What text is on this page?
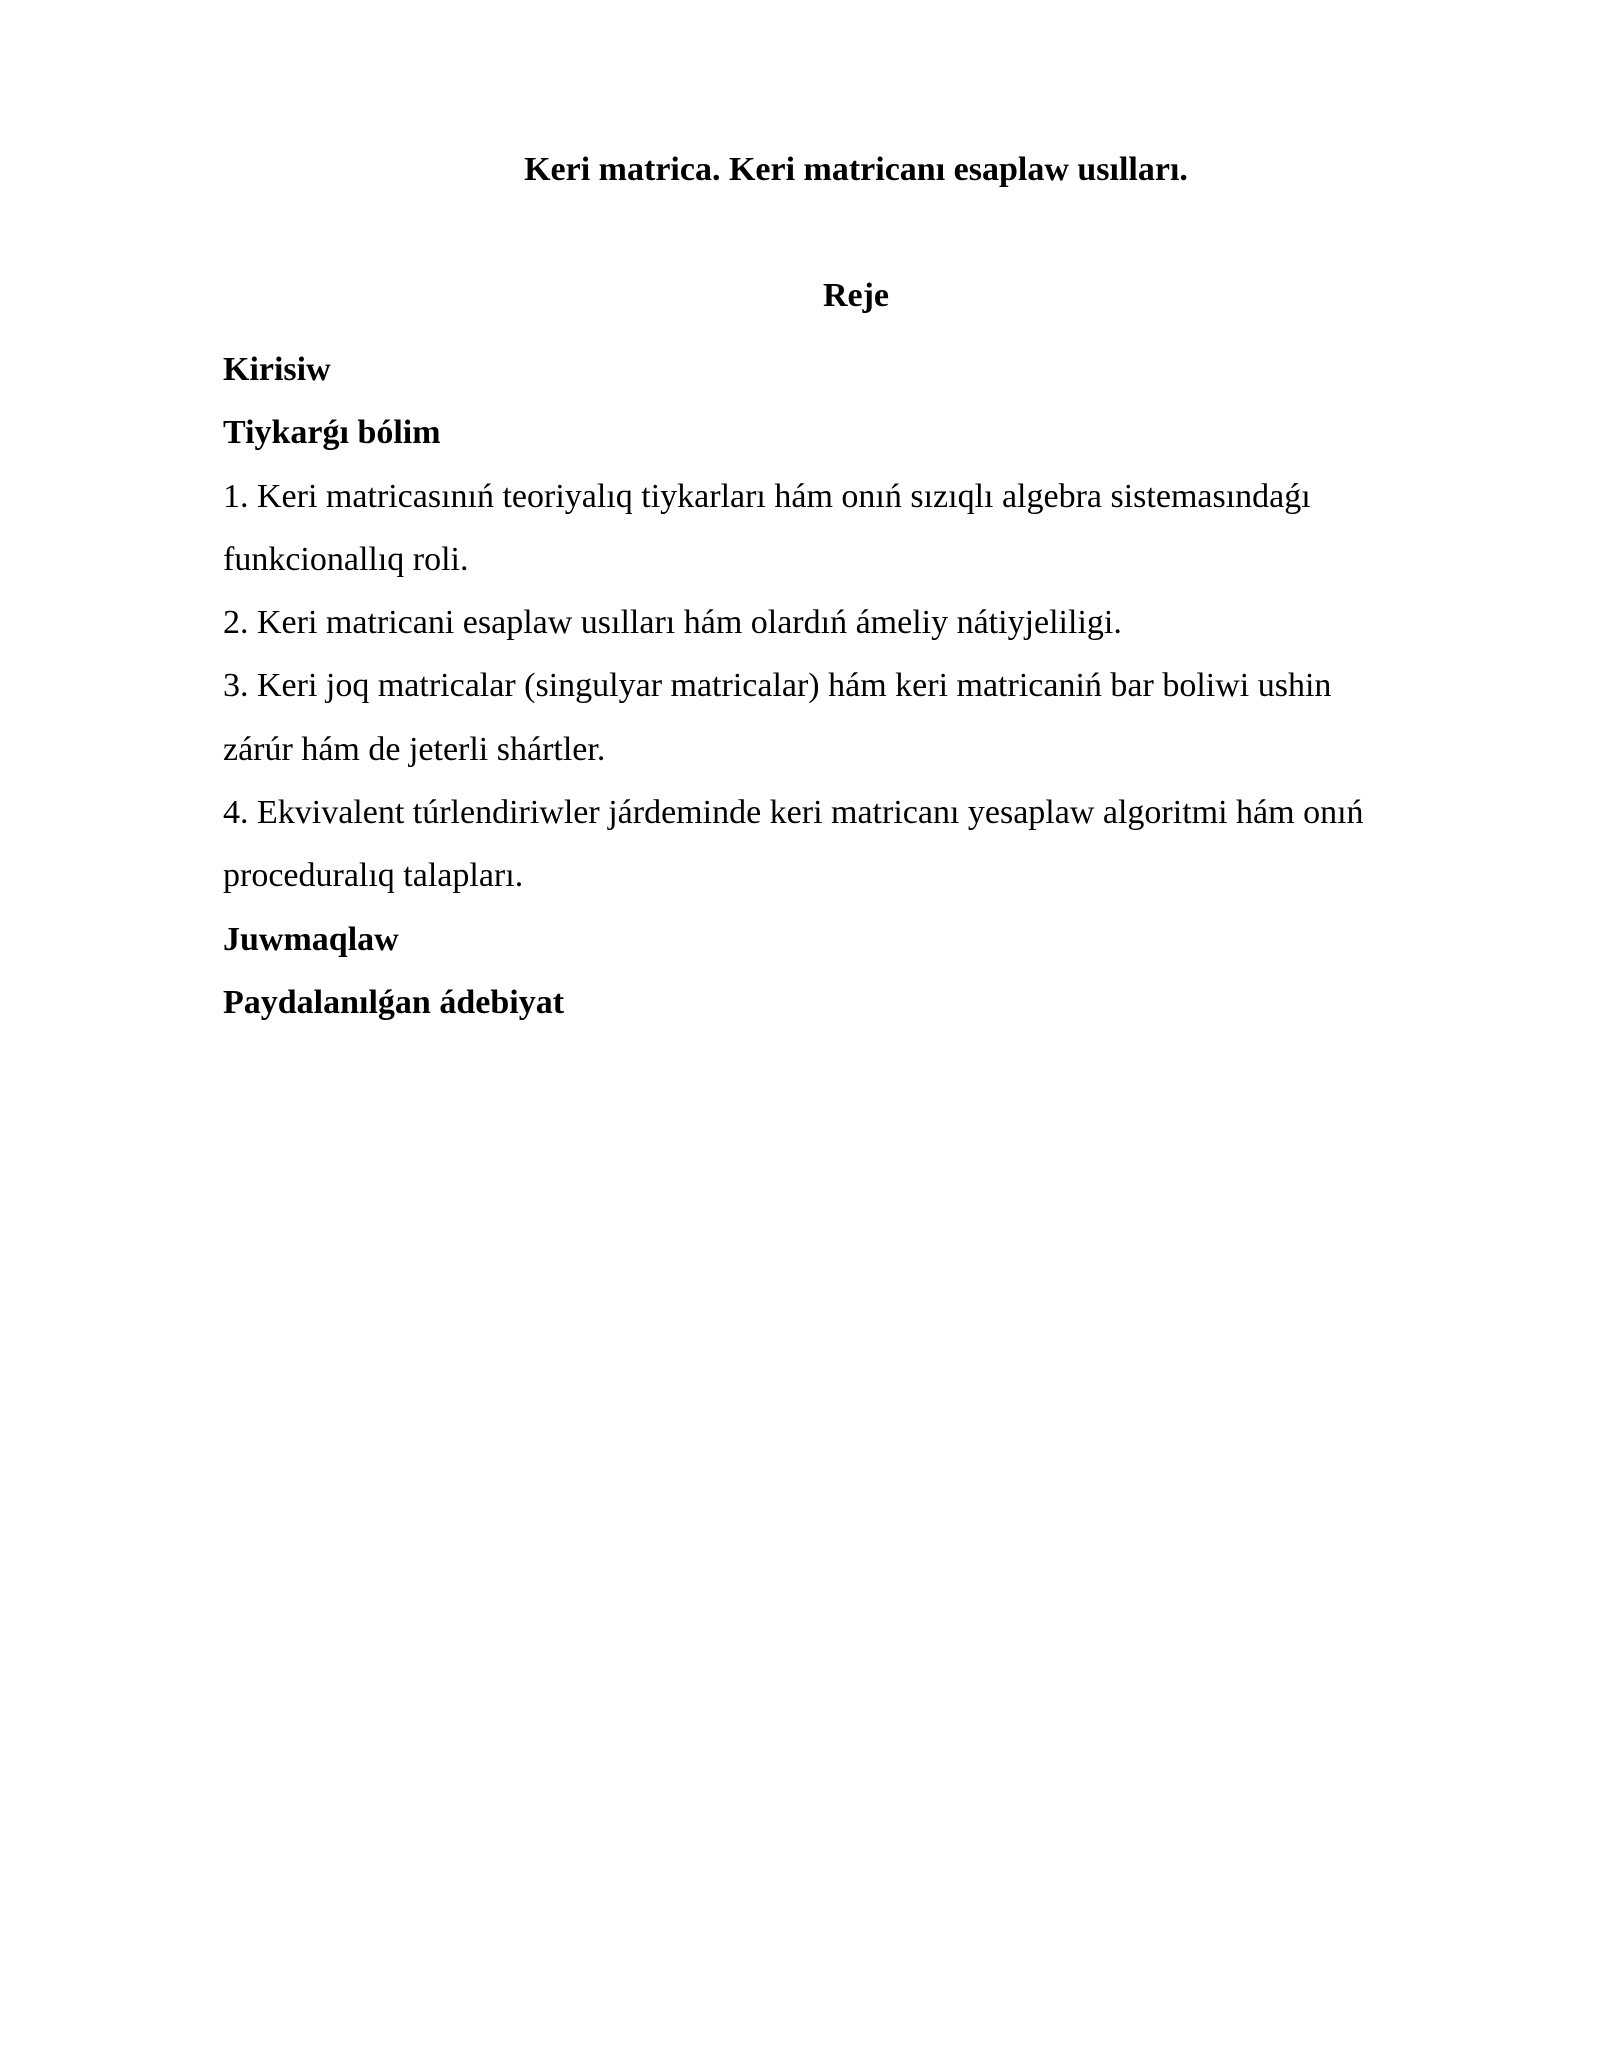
Keri matrica. Keri matricanı esaplaw usılları.
Reje
Kirisiw
Tiykarǵı bólim
1. Keri matricasınıń teoriyalıq tiykarları hám onıń sızıqlı algebra sistemasındaǵı
funkcionallıq roli.
2. Keri matricani esaplaw usılları hám olardıń ámeliy nátiyjeliligi.
3. Keri joq matricalar (singulyar matricalar) hám keri matricaniń bar boliwi ushin
zárúr hám de jeterli shártler.
4. Ekvivalent túrlendiriwler járdeminde keri matricanı yesaplaw algoritmi hám onıń
proceduralıq talapları.
Juwmaqlaw
Paydalanılǵan ádebiyat
